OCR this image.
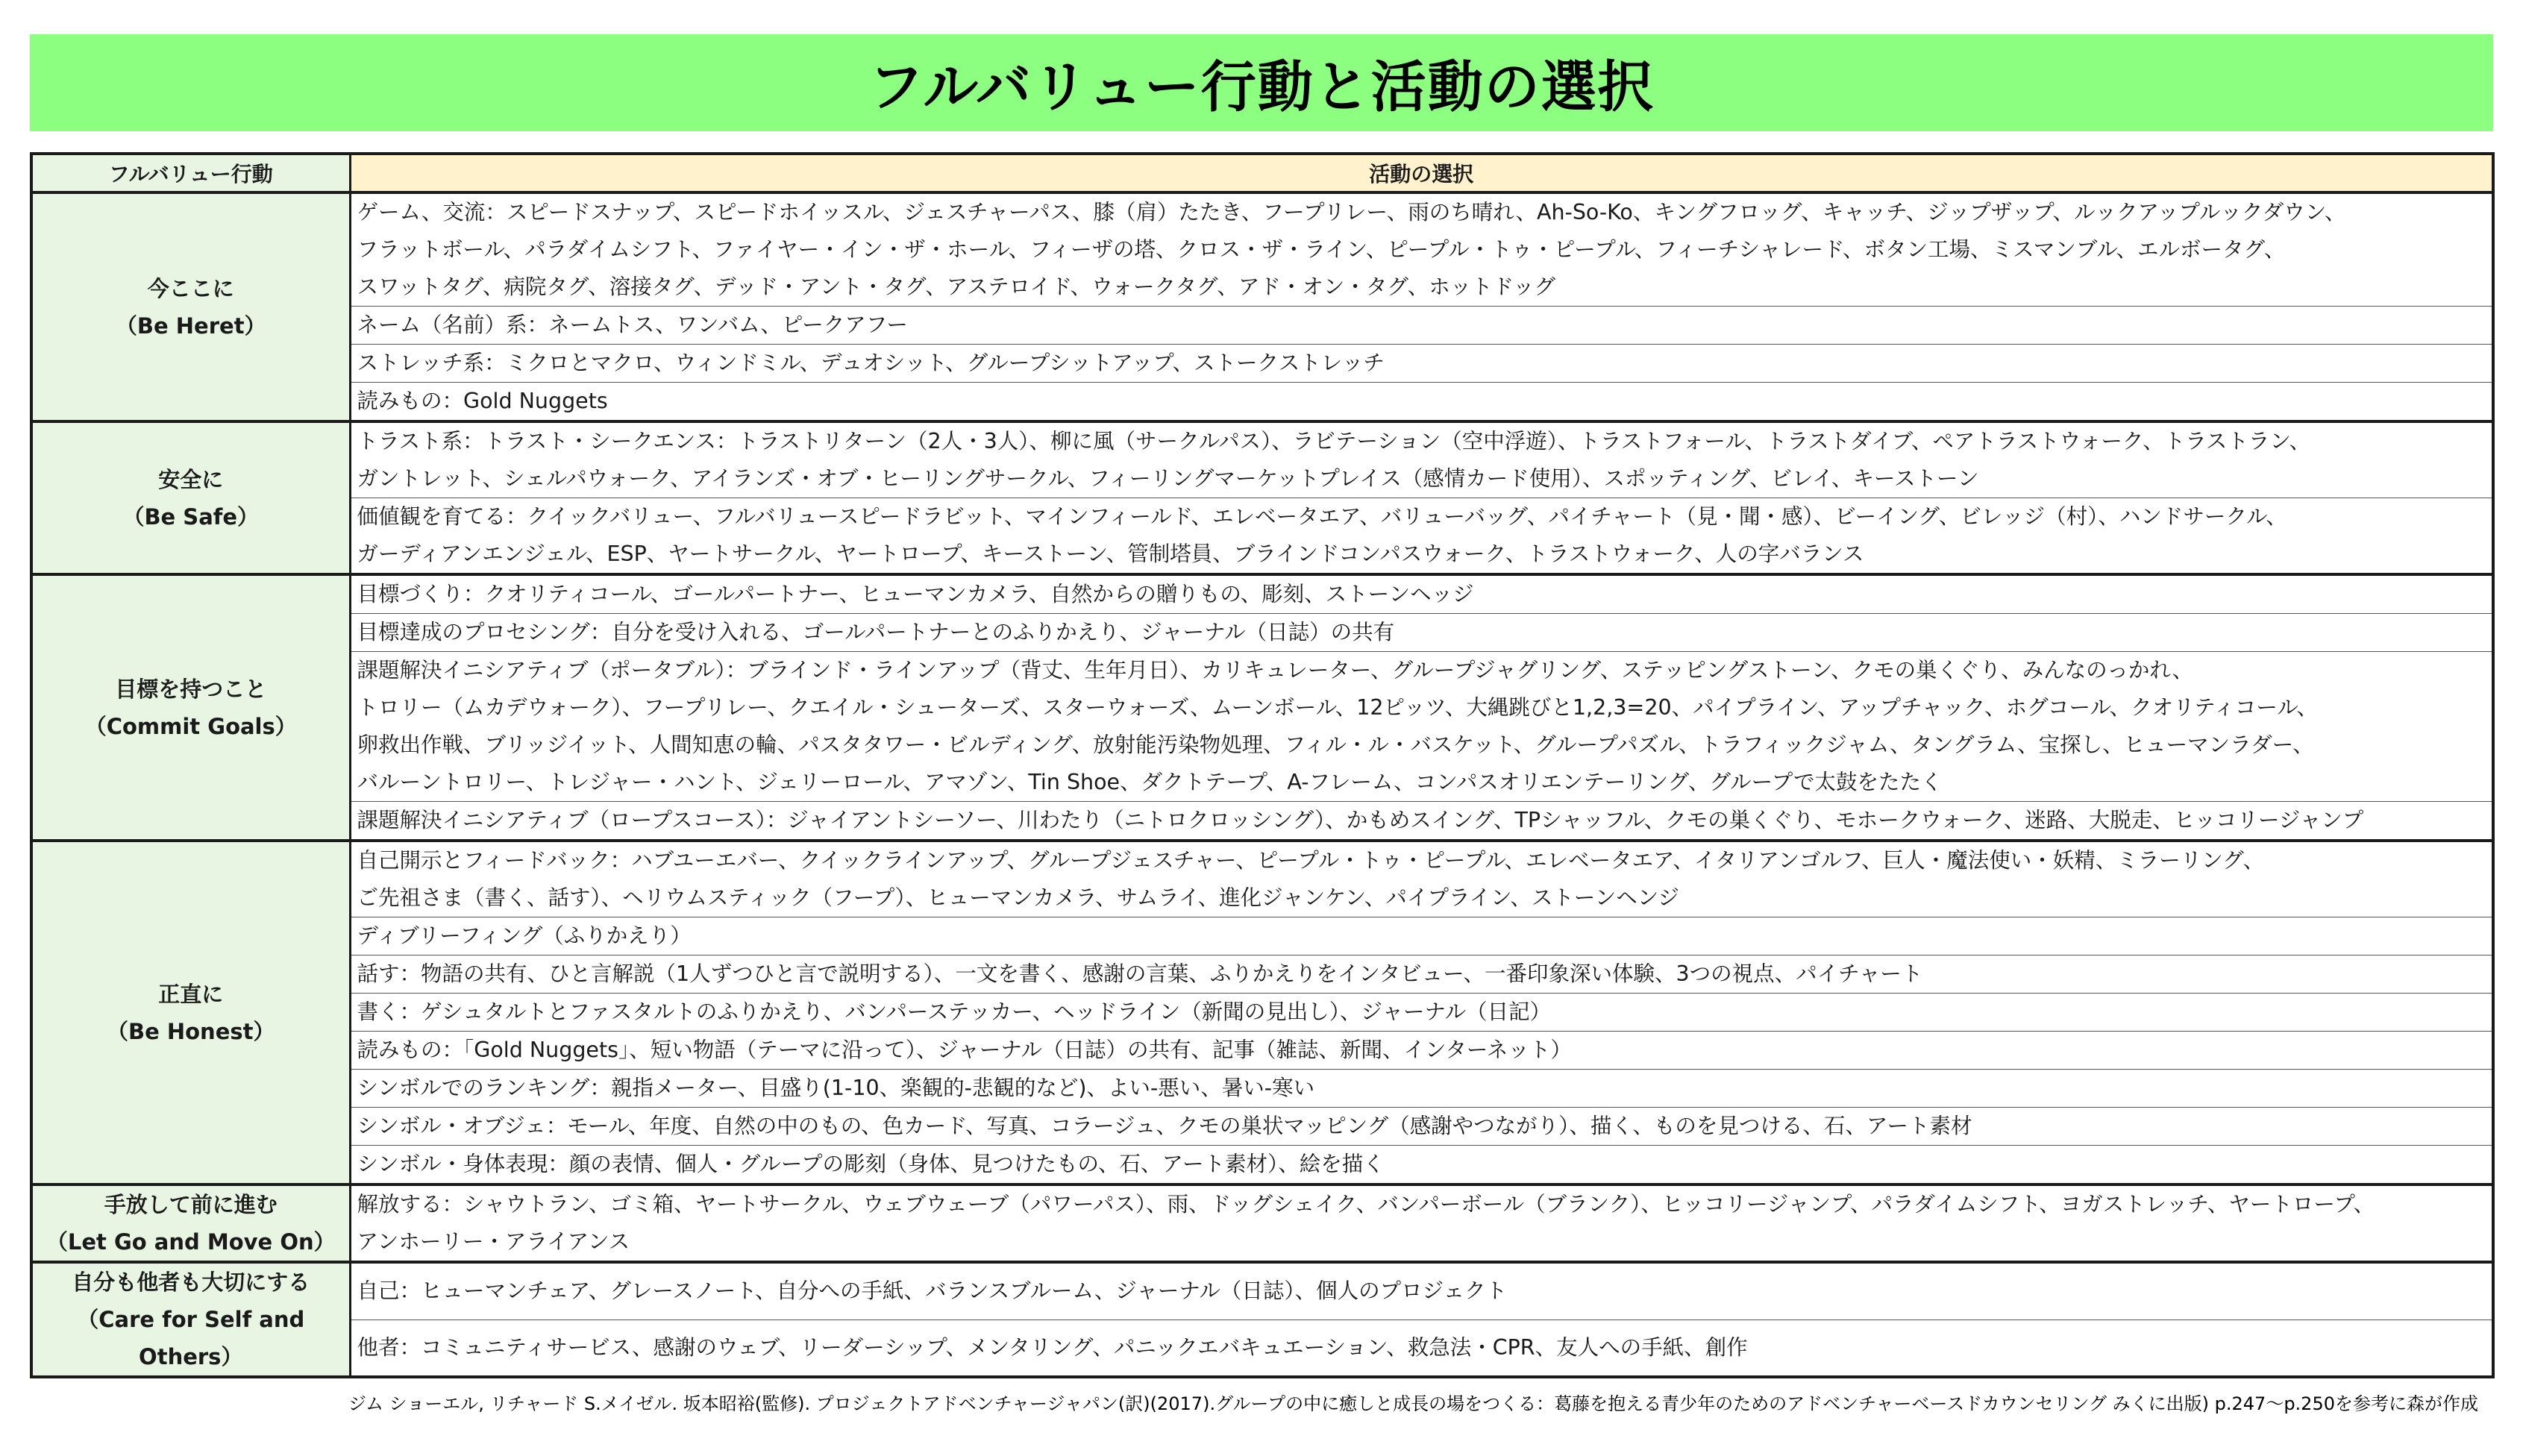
フルバリュー行動と活動の選択
フルバリュー行動	活動の選択

今ここに
（Be Heret）	ゲーム、交流：スピードスナップ、スピードホイッスル、ジェスチャーパス、膝（肩）たたき、フープリレー、雨のち晴れ、Ah-So-Ko、キングフロッグ、キャッチ、ジップザップ、ルックアップルックダウン、
フラットボール、パラダイムシフト、ファイヤー・イン・ザ・ホール、フィーザの塔、クロス・ザ・ライン、ピープル・トゥ・ピープル、フィーチシャレード、ボタン工場、ミスマンブル、エルボータグ、
スワットタグ、病院タグ、溶接タグ、デッド・アント・タグ、アステロイド、ウォークタグ、アド・オン・タグ、ホットドッグ

	ネーム（名前）系：ネームトス、ワンバム、ピークアフー

	ストレッチ系：ミクロとマクロ、ウィンドミル、デュオシット、グループシットアップ、ストークストレッチ

	読みもの：Gold Nuggets

安全に
（Be Safe）	トラスト系：トラスト・シークエンス：トラストリターン（2人・3人）、柳に風（サークルパス）、ラビテーション（空中浮遊）、トラストフォール、トラストダイブ、ペアトラストウォーク、トラストラン、
ガントレット、シェルパウォーク、アイランズ・オブ・ヒーリングサークル、フィーリングマーケットプレイス（感情カード使用）、スポッティング、ビレイ、キーストーン

	価値観を育てる：クイックバリュー、フルバリュースピードラビット、マインフィールド、エレベータエア、バリューバッグ、パイチャート（見・聞・感）、ビーイング、ビレッジ（村）、ハンドサークル、
ガーディアンエンジェル、ESP、ヤートサークル、ヤートロープ、キーストーン、管制塔員、ブラインドコンパスウォーク、トラストウォーク、人の字バランス

目標を持つこと
（Commit Goals）	目標づくり：クオリティコール、ゴールパートナー、ヒューマンカメラ、自然からの贈りもの、彫刻、ストーンヘッジ

	目標達成のプロセシング：自分を受け入れる、ゴールパートナーとのふりかえり、ジャーナル（日誌）の共有

	課題解決イニシアティブ（ポータブル）：ブラインド・ラインアップ（背丈、生年月日）、カリキュレーター、グループジャグリング、ステッピングストーン、クモの巣くぐり、みんなのっかれ、
トロリー（ムカデウォーク）、フープリレー、クエイル・シューターズ、スターウォーズ、ムーンボール、12ピッツ、大縄跳びと1,2,3=20、パイプライン、アップチャック、ホグコール、クオリティコール、
卵救出作戦、ブリッジイット、人間知恵の輪、パスタタワー・ビルディング、放射能汚染物処理、フィル・ル・バスケット、グループパズル、トラフィックジャム、タングラム、宝探し、ヒューマンラダー、
バルーントロリー、トレジャー・ハント、ジェリーロール、アマゾン、Tin Shoe、ダクトテープ、A-フレーム、コンパスオリエンテーリング、グループで太鼓をたたく

	課題解決イニシアティブ（ロープスコース）：ジャイアントシーソー、川わたり（ニトロクロッシング）、かもめスイング、TPシャッフル、クモの巣くぐり、モホークウォーク、迷路、大脱走、ヒッコリージャンプ

正直に
（Be Honest）	自己開示とフィードバック：ハブユーエバー、クイックラインアップ、グループジェスチャー、ピープル・トゥ・ピープル、エレベータエア、イタリアンゴルフ、巨人・魔法使い・妖精、ミラーリング、
ご先祖さま（書く、話す）、ヘリウムスティック（フープ）、ヒューマンカメラ、サムライ、進化ジャンケン、パイプライン、ストーンヘンジ

	ディブリーフィング（ふりかえり）

	話す：物語の共有、ひと言解説（1人ずつひと言で説明する）、一文を書く、感謝の言葉、ふりかえりをインタビュー、一番印象深い体験、3つの視点、パイチャート

	書く：ゲシュタルトとファスタルトのふりかえり、バンパーステッカー、ヘッドライン（新聞の見出し）、ジャーナル（日記）

	読みもの：「Gold Nuggets」、短い物語（テーマに沿って）、ジャーナル（日誌）の共有、記事（雑誌、新聞、インターネット）

	シンボルでのランキング：親指メーター、目盛り(1-10、楽観的-悲観的など)、よい-悪い、暑い-寒い

	シンボル・オブジェ：モール、年度、自然の中のもの、色カード、写真、コラージュ、クモの巣状マッピング（感謝やつながり）、描く、ものを見つける、石、アート素材

	シンボル・身体表現：顔の表情、個人・グループの彫刻（身体、見つけたもの、石、アート素材）、絵を描く

手放して前に進む
（Let Go and Move On）	解放する：シャウトラン、ゴミ箱、ヤートサークル、ウェブウェーブ（パワーパス）、雨、ドッグシェイク、バンパーボール（ブランク）、ヒッコリージャンプ、パラダイムシフト、ヨガストレッチ、ヤートロープ、
アンホーリー・アライアンス

自分も他者も大切にする
（Care for Self and Others）	自己：ヒューマンチェア、グレースノート、自分への手紙、バランスブルーム、ジャーナル（日誌）、個人のプロジェクト

	他者：コミュニティサービス、感謝のウェブ、リーダーシップ、メンタリング、パニックエバキュエーション、救急法・CPR、友人への手紙、創作
ジム ショーエル, リチャード S.メイゼル. 坂本昭裕(監修). プロジェクトアドベンチャージャパン(訳)(2017).グループの中に癒しと成長の場をつくる：葛藤を抱える青少年のためのアドベンチャーベースドカウンセリング みくに出版) p.247〜p.250を参考に森が作成
